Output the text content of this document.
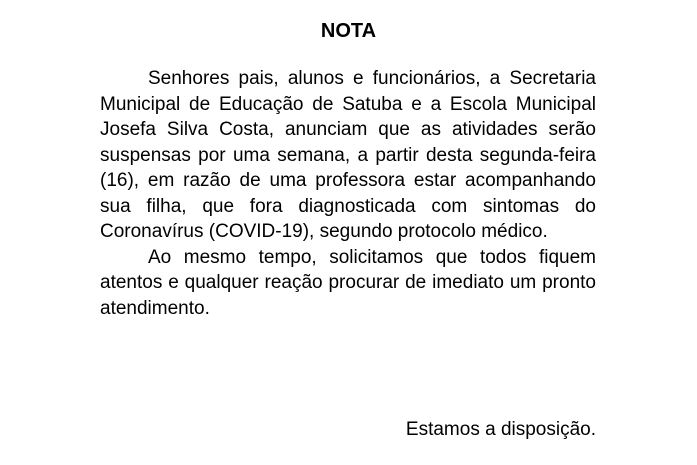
NOTA

Senhores pais, alunos e funcionários, a Secretaria Municipal de Educação de Satuba e a Escola Municipal Josefa Silva Costa, anunciam que as atividades serão suspensas por uma semana, a partir desta segunda-feira (16), em razão de uma professora estar acompanhando sua filha, que fora diagnosticada com sintomas do Coronavírus (COVID-19), segundo protocolo médico.

Ao mesmo tempo, solicitamos que todos fiquem atentos e qualquer reação procurar de imediato um pronto atendimento.

Estamos a disposição.
